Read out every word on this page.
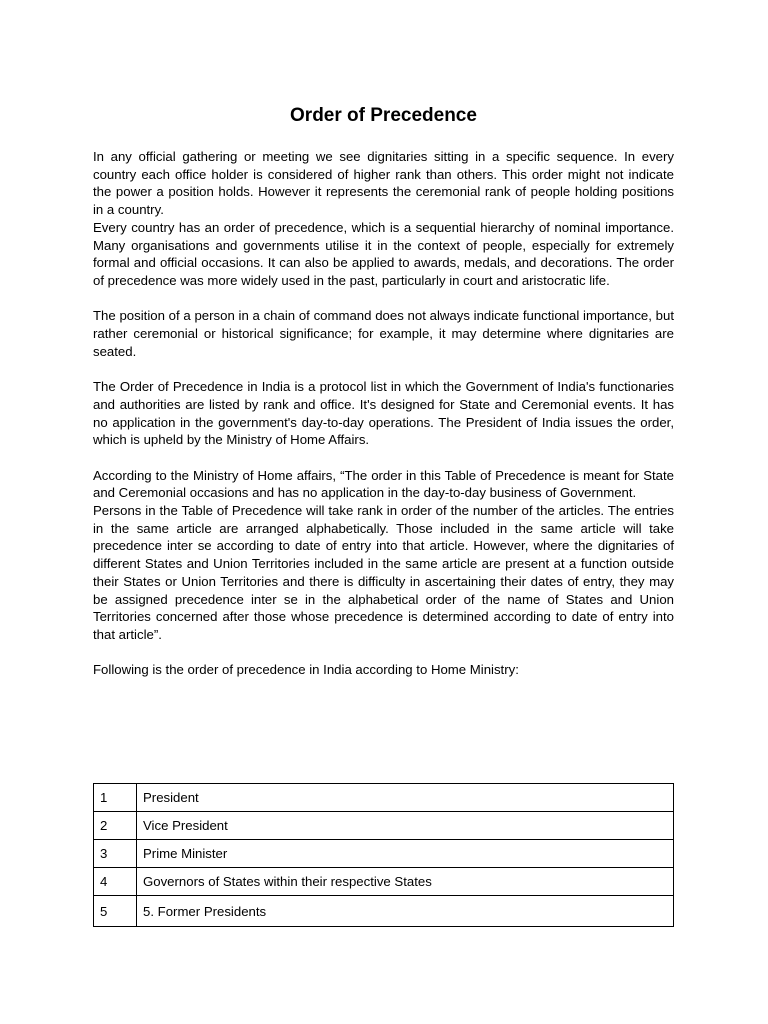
Order of Precedence

In any official gathering or meeting we see dignitaries sitting in a specific sequence. In every country each office holder is considered of higher rank than others. This order might not indicate the power a position holds. However it represents the ceremonial rank of people holding positions in a country.

Every country has an order of precedence, which is a sequential hierarchy of nominal importance. Many organisations and governments utilise it in the context of people, especially for extremely formal and official occasions. It can also be applied to awards, medals, and decorations. The order of precedence was more widely used in the past, particularly in court and aristocratic life.

The position of a person in a chain of command does not always indicate functional importance, but rather ceremonial or historical significance; for example, it may determine where dignitaries are seated.

The Order of Precedence in India is a protocol list in which the Government of India's functionaries and authorities are listed by rank and office. It's designed for State and Ceremonial events. It has no application in the government's day-to-day operations. The President of India issues the order, which is upheld by the Ministry of Home Affairs.

According to the Ministry of Home affairs, “The order in this Table of Precedence is meant for State and Ceremonial occasions and has no application in the day-to-day business of Government.

Persons in the Table of Precedence will take rank in order of the number of the articles. The entries in the same article are arranged alphabetically. Those included in the same article will take precedence inter se according to date of entry into that article. However, where the dignitaries of different States and Union Territories included in the same article are present at a function outside their States or Union Territories and there is difficulty in ascertaining their dates of entry, they may be assigned precedence inter se in the alphabetical order of the name of States and Union Territories concerned after those whose precedence is determined according to date of entry into that article”.

Following is the order of precedence in India according to Home Ministry:

1	President
2	Vice President
3	Prime Minister
4	Governors of States within their respective States
5	5. Former Presidents
